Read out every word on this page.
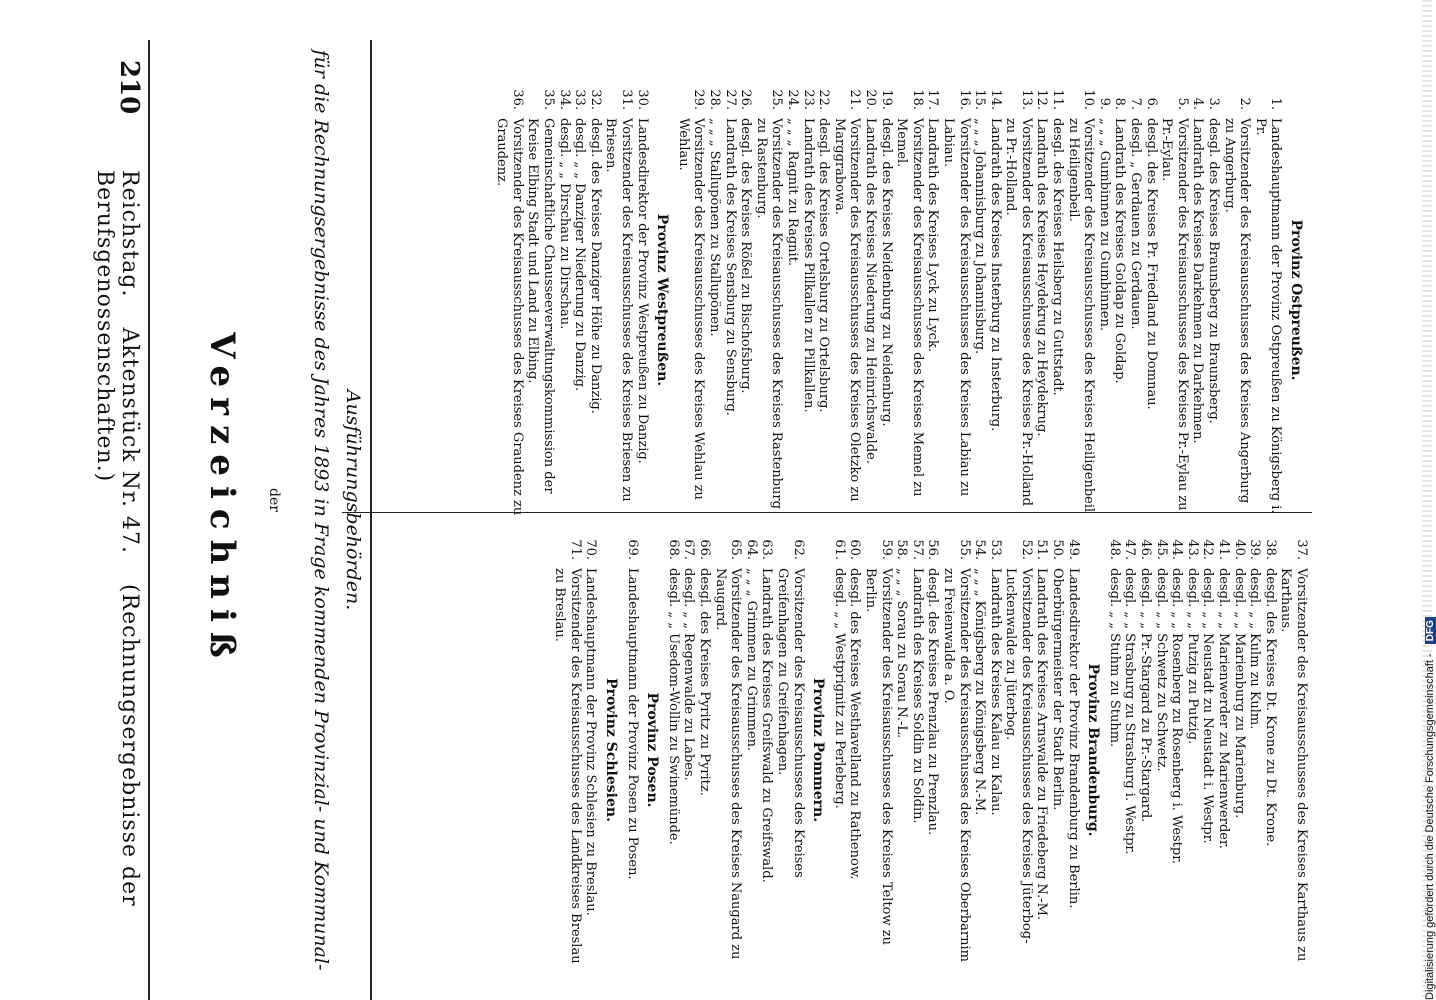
210
Reichstag. Aktenstück Nr. 47. (Rechnungsergebnisse der Berufsgenossenschaften.)
Verzeichniß der für die Rechnungsergebnisse des Jahres 1893 in Frage kommenden Provinzial- und Kommunal- Ausführungsbehörden.
Provinz Ostpreußen.
1.
Landeshauptmann der Provinz Ostpreußen zu Königsberg i. Pr.
2.
Vorsitzender des Kreisausschusses des Kreises Angerburg zu Angerburg.
3.
desgl. des Kreises Braunsberg zu Braunsberg.
4.
Landrath des Kreises Darkehmen zu Darkehmen.
5.
Vorsitzender des Kreisausschusses des Kreises Pr.-Eylau zu Pr.-Eylau.
6.
desgl. des Kreises Pr. Friedland zu Domnau.
7.
desgl. „ Gerdauen zu Gerdauen.
8.
Landrath des Kreises Goldap zu Goldap.
9.
„ „ „ Gumbinnen zu Gumbinnen.
10.
Vorsitzender des Kreisausschusses des Kreises Heiligenbeil zu Heiligenbeil.
11.
desgl. des Kreises Heilsberg zu Guttstadt.
12.
Landrath des Kreises Heydekrug zu Heydekrug.
13.
Vorsitzender des Kreisausschusses des Kreises Pr.-Holland zu Pr.-Holland.
14.
Landrath des Kreises Insterburg zu Insterburg.
15.
„ „ „ Johannisburg zu Johannisburg.
16.
Vorsitzender des Kreisausschusses des Kreises Labiau zu Labiau.
17.
Landrath des Kreises Lyck zu Lyck.
18.
Vorsitzender des Kreisausschusses des Kreises Memel zu Memel.
19.
desgl. des Kreises Neidenburg zu Neidenburg.
20.
Landrath des Kreises Niederung zu Heinrichswalde.
21.
Vorsitzender des Kreisausschusses des Kreises Oletzko zu Marggrabowa.
22.
desgl. des Kreises Ortelsburg zu Ortelsburg.
23.
Landrath des Kreises Pillkallen zu Pillkallen.
24.
„ „ „ Ragnit zu Ragnit.
25.
Vorsitzender des Kreisausschusses des Kreises Rastenburg zu Rastenburg.
26.
desgl. des Kreises Rößel zu Bischofsburg.
27.
Landrath des Kreises Sensburg zu Sensburg.
28.
„ „ „ Stallupönen zu Stallupönen.
29.
Vorsitzender des Kreisausschusses des Kreises Wehlau zu Wehlau.
Provinz Westpreußen.
30.
Landesdirektor der Provinz Westpreußen zu Danzig.
31.
Vorsitzender des Kreisausschusses des Kreises Briesen zu Briesen.
32.
desgl. des Kreises Danziger Höhe zu Danzig.
33.
desgl. „ „ Danziger Niederung zu Danzig.
34.
desgl. „ „ Dirschau zu Dirschau.
35.
Gemeinschaftliche Chausseeverwaltungskommission der Kreise Elbing Stadt und Land zu Elbing.
36.
Vorsitzender des Kreisausschusses des Kreises Graudenz zu Graudenz.
37.
Vorsitzender des Kreisausschusses des Kreises Karthaus zu Karthaus.
38.
desgl. des Kreises Dt. Krone zu Dt. Krone.
39.
desgl. „ „ Kulm zu Kulm.
40.
desgl. „ „ Marienburg zu Marienburg.
41.
desgl. „ „ Marienwerder zu Marienwerder.
42.
desgl. „ „ Neustadt zu Neustadt i. Westpr.
43.
desgl. „ „ Putzig zu Putzig.
44.
desgl. „ „ Rosenberg zu Rosenberg i. Westpr.
45.
desgl. „ „ Schwetz zu Schwetz.
46.
desgl. „ „ Pr.-Stargard zu Pr.-Stargard.
47.
desgl. „ „ Strasburg zu Strasburg i. Westpr.
48.
desgl. „ „ Stuhm zu Stuhm.
Provinz Brandenburg.
49.
Landesdirektor der Provinz Brandenburg zu Berlin.
50.
Oberbürgermeister der Stadt Berlin.
51.
Landrath des Kreises Arnswalde zu Friedeberg N.-M.
52.
Vorsitzender des Kreisausschusses des Kreises Jüterbog-Luckenwalde zu Jüterbog.
53.
Landrath des Kreises Kalau zu Kalau.
54.
„ „ „ Königsberg zu Königsberg N.-M.
55.
Vorsitzender des Kreisausschusses des Kreises Oberbarnim zu Freienwalde a. O.
56.
desgl. des Kreises Prenzlau zu Prenzlau.
57.
Landrath des Kreises Soldin zu Soldin.
58.
„ „ „ Sorau zu Sorau N.-L.
59.
Vorsitzender des Kreisausschusses des Kreises Teltow zu Berlin.
60.
desgl. des Kreises Westhavelland zu Rathenow.
61.
desgl. „ „ Westprignitz zu Perleberg.
Provinz Pommern.
62.
Vorsitzender des Kreisausschusses des Kreises Greifenhagen zu Greifenhagen.
63.
Landrath des Kreises Greifswald zu Greifswald.
64.
„ „ „ Grimmen zu Grimmen.
65.
Vorsitzender des Kreisausschusses des Kreises Naugard zu Naugard.
66.
desgl. des Kreises Pyritz zu Pyritz.
67.
desgl. „ „ Regenwalde zu Labes.
68.
desgl. „ „ Usedom-Wollin zu Swinemünde.
Provinz Posen.
69.
Landeshauptmann der Provinz Posen zu Posen.
Provinz Schlesien.
70.
Landeshauptmann der Provinz Schlesien zu Breslau.
71.
Vorsitzender des Kreisausschusses des Landkreises Breslau zu Breslau.
Digitalisierung gefördert durch die Deutsche Forschungsgemeinschaft - DFG
